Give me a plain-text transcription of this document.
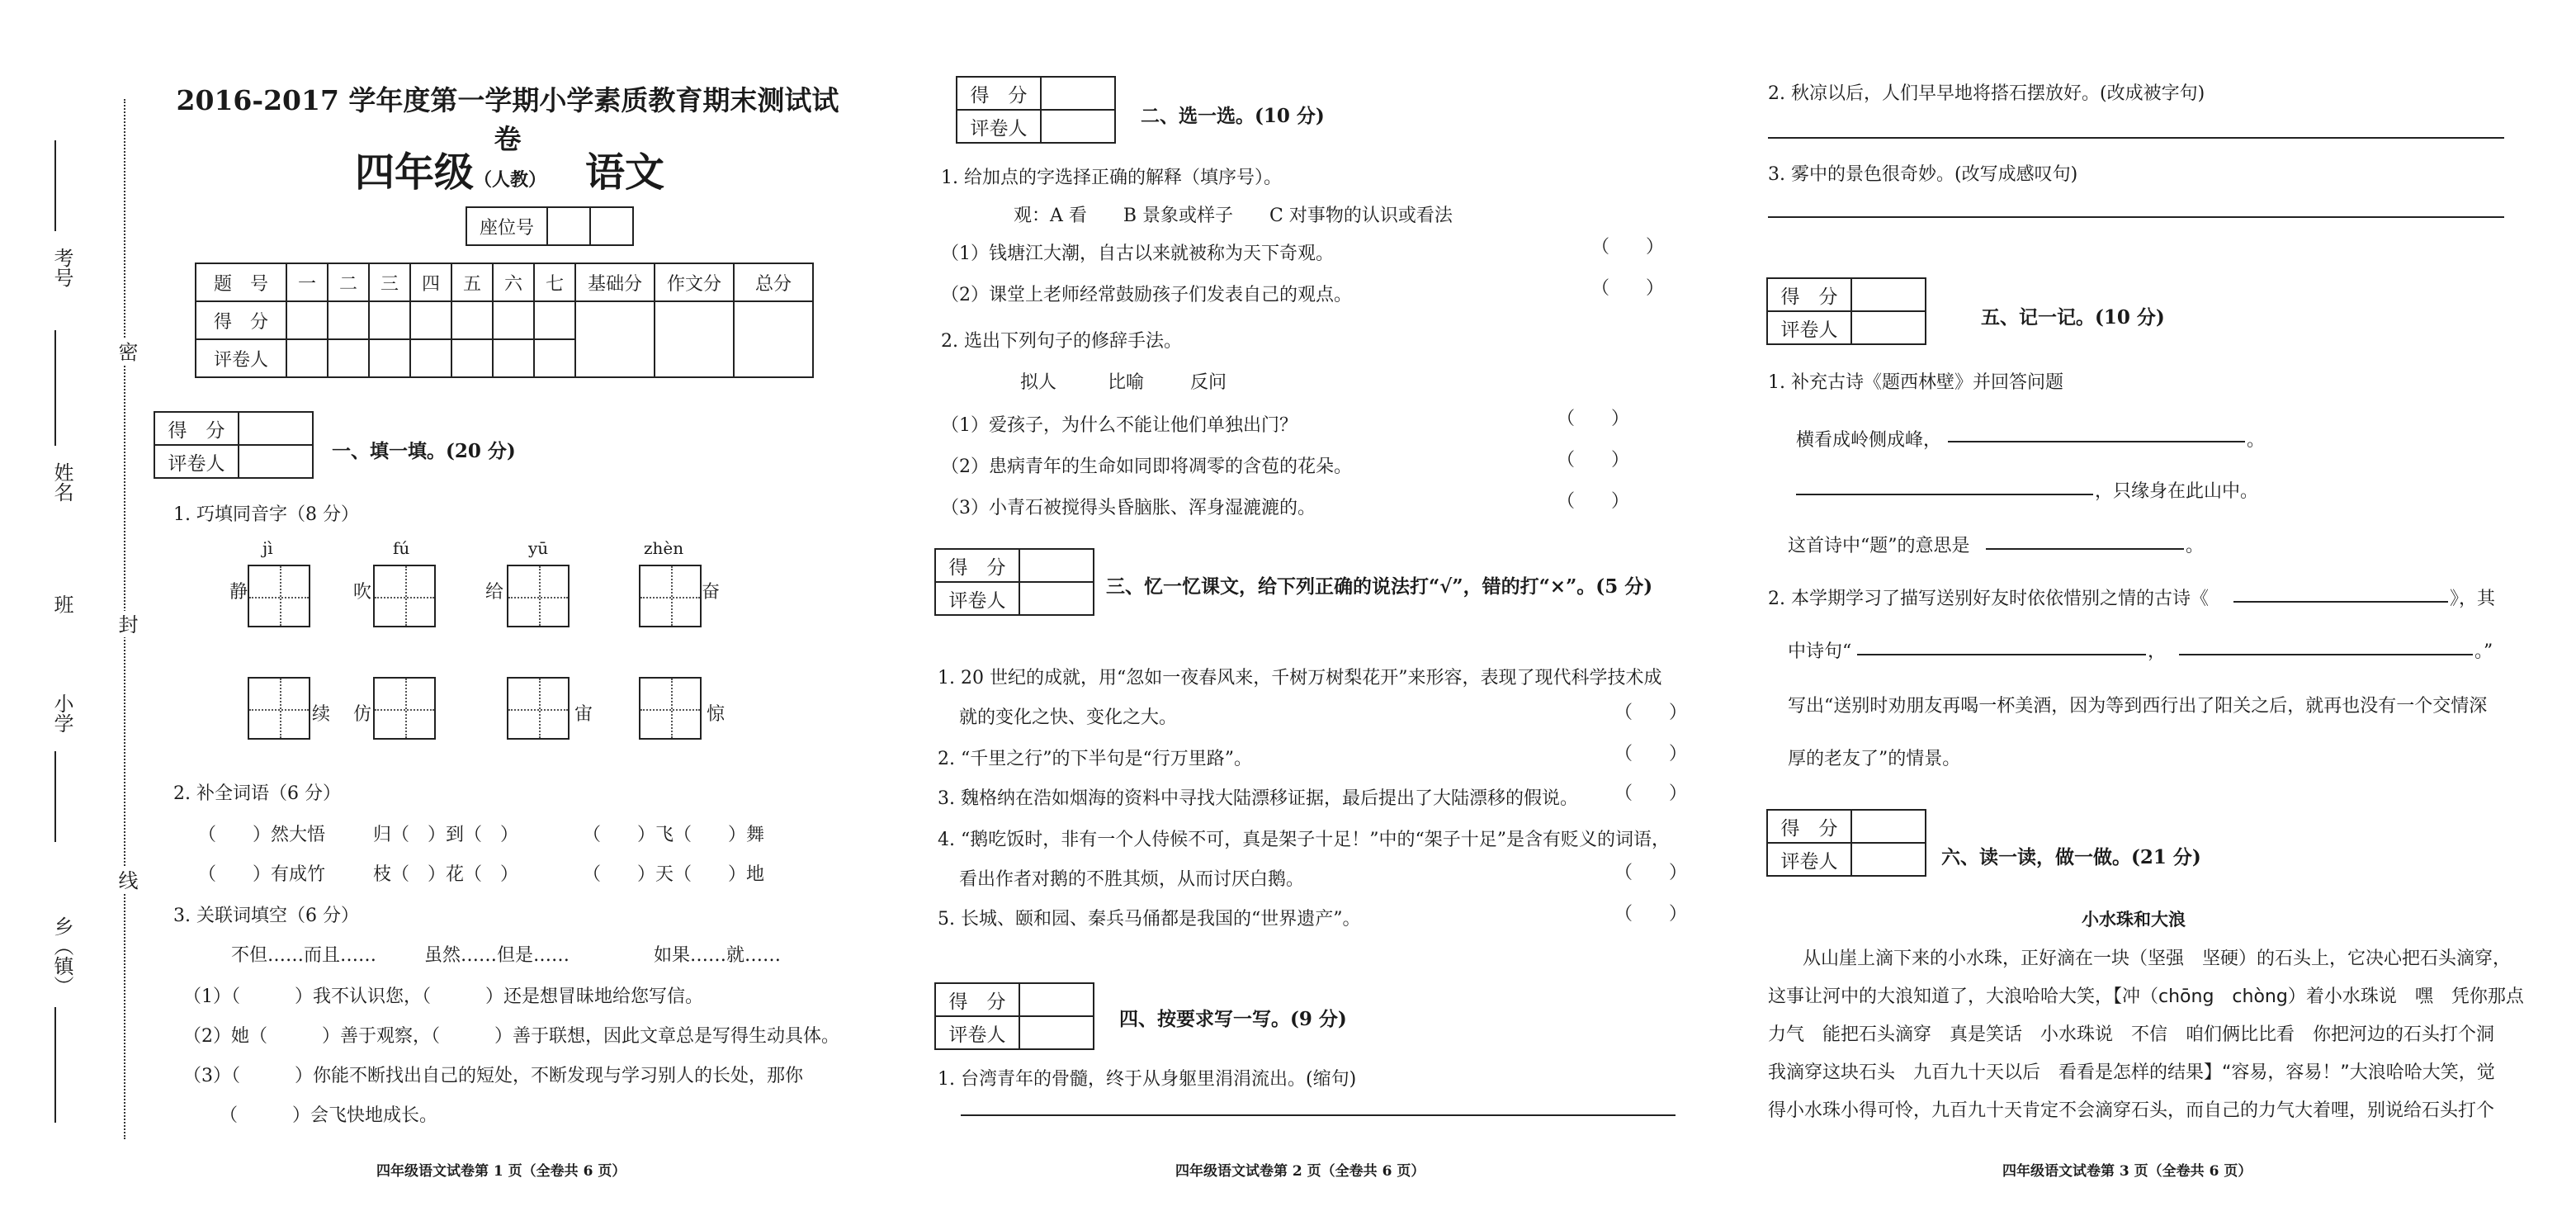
考号
姓名
班
小学
乡（镇）
密
封
线
2016-2017 学年度第一学期小学素质教育期末测试试卷
四年级（人教） 语文
座位号		
题　号	一	二	三	四	五	六	七	基础分	作文分	总分
得　分										
评卷人										
得　分	
评卷人	
一、填一填。(20 分)
1. 巧填同音字（8 分）
jì	fú	yū	zhèn
静	吹	给	奋
续 仿	宙	惊
2. 补全词语（6 分）
（　　）然大悟	归（　）到（　）	（　　）飞（　　）舞
（　　）有成竹	枝（　）花（　）	（　　）天（　　）地
3. 关联词填空（6 分）
不但……而且……	虽然……但是……	如果……就……
（1）（　　　）我不认识您，（　　　）还是想冒昧地给您写信。
（2）她（　　　）善于观察，（　　　）善于联想，因此文章总是写得生动具体。
（3）（　　　）你能不断找出自己的短处，不断发现与学习别人的长处，那你
（　　　）会飞快地成长。
四年级语文试卷第 1 页（全卷共 6 页）
得　分	
评卷人	
二、选一选。(10 分)
1. 给加点的字选择正确的解释（填序号）。
观：A 看　　B 景象或样子　　C 对事物的认识或看法
（1）钱塘江大潮，自古以来就被称为天下奇观。	（　　）
（2）课堂上老师经常鼓励孩子们发表自己的观点。	（　　）
2. 选出下列句子的修辞手法。
拟人	比喻	反问
（1）爱孩子，为什么不能让他们单独出门？	（　　）
（2）患病青年的生命如同即将凋零的含苞的花朵。	（　　）
（3）小青石被搅得头昏脑胀、浑身湿漉漉的。	（　　）
得　分	
评卷人	
三、忆一忆课文，给下列正确的说法打“√”，错的打“×”。(5 分)
1. 20 世纪的成就，用“忽如一夜春风来，千树万树梨花开”来形容，表现了现代科学技术成
就的变化之快、变化之大。	（　　）
2. “千里之行”的下半句是“行万里路”。	（　　）
3. 魏格纳在浩如烟海的资料中寻找大陆漂移证据，最后提出了大陆漂移的假说。 （　　）
4. “鹅吃饭时，非有一个人侍候不可，真是架子十足！”中的“架子十足”是含有贬义的词语，
看出作者对鹅的不胜其烦，从而讨厌白鹅。	（　　）
5. 长城、颐和园、秦兵马俑都是我国的“世界遗产”。	（　　）
得　分	
评卷人	
四、按要求写一写。(9 分)
1. 台湾青年的骨髓，终于从身躯里涓涓流出。(缩句)
四年级语文试卷第 2 页（全卷共 6 页）
2. 秋凉以后，人们早早地将搭石摆放好。(改成被字句)
3. 雾中的景色很奇妙。(改写成感叹句)
得　分	
评卷人	
五、记一记。(10 分)
1. 补充古诗《题西林壁》并回答问题
横看成岭侧成峰，	。
，只缘身在此山中。
这首诗中“题”的意思是	。
2. 本学期学习了描写送别好友时依依惜别之情的古诗《	》，其
中诗句“	，	。”
写出“送别时劝朋友再喝一杯美酒，因为等到西行出了阳关之后，就再也没有一个交情深
厚的老友了”的情景。
得　分	
评卷人		六、读一读，做一做。(21 分)
小水珠和大浪
从山崖上滴下来的小水珠，正好滴在一块（坚强　坚硬）的石头上，它决心把石头滴穿，
这事让河中的大浪知道了，大浪哈哈大笑，【冲（chōng　chòng）着小水珠说　嘿　凭你那点
力气　能把石头滴穿　真是笑话　小水珠说　不信　咱们俩比比看　你把河边的石头打个洞
我滴穿这块石头　九百九十天以后　看看是怎样的结果】“容易，容易！”大浪哈哈大笑，觉
得小水珠小得可怜，九百九十天肯定不会滴穿石头，而自己的力气大着哩，别说给石头打个
四年级语文试卷第 3 页（全卷共 6 页）
